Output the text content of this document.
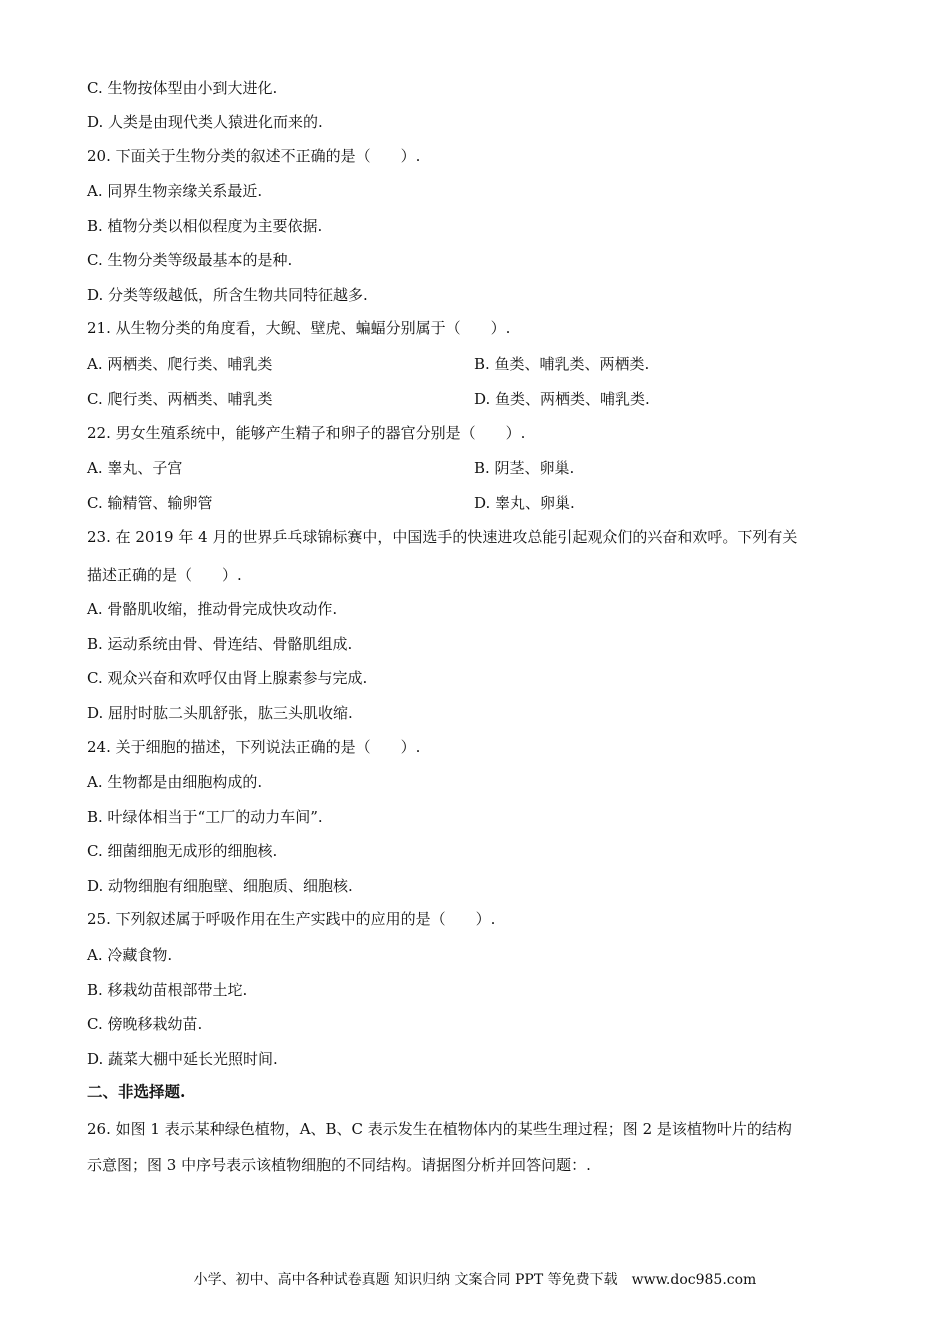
C. 生物按体型由小到大进化.
D. 人类是由现代类人猿进化而来的.
20. 下面关于生物分类的叙述不正确的是（　　）.
A. 同界生物亲缘关系最近.
B. 植物分类以相似程度为主要依据.
C. 生物分类等级最基本的是种.
D. 分类等级越低，所含生物共同特征越多.
21. 从生物分类的角度看，大鲵、壁虎、蝙蝠分别属于（　　）.
A. 两栖类、爬行类、哺乳类	B. 鱼类、哺乳类、两栖类.
C. 爬行类、两栖类、哺乳类	D. 鱼类、两栖类、哺乳类.
22. 男女生殖系统中，能够产生精子和卵子的器官分别是（　　）.
A. 睾丸、子宫	B. 阴茎、卵巢.
C. 输精管、输卵管	D. 睾丸、卵巢.
23. 在 2019 年 4 月的世界乒乓球锦标赛中，中国选手的快速进攻总能引起观众们的兴奋和欢呼。下列有关
描述正确的是（　　）.
A. 骨骼肌收缩，推动骨完成快攻动作.
B. 运动系统由骨、骨连结、骨骼肌组成.
C. 观众兴奋和欢呼仅由肾上腺素参与完成.
D. 屈肘时肱二头肌舒张，肱三头肌收缩.
24. 关于细胞的描述，下列说法正确的是（　　）.
A. 生物都是由细胞构成的.
B. 叶绿体相当于“工厂的动力车间”.
C. 细菌细胞无成形的细胞核.
D. 动物细胞有细胞壁、细胞质、细胞核.
25. 下列叙述属于呼吸作用在生产实践中的应用的是（　　）.
A. 冷藏食物.
B. 移栽幼苗根部带土坨.
C. 傍晚移栽幼苗.
D. 蔬菜大棚中延长光照时间.
二、非选择题.
26. 如图 1 表示某种绿色植物，A、B、C 表示发生在植物体内的某些生理过程；图 2 是该植物叶片的结构
示意图；图 3 中序号表示该植物细胞的不同结构。请据图分析并回答问题：.
小学、初中、高中各种试卷真题 知识归纳 文案合同 PPT 等免费下载　www.doc985.com
